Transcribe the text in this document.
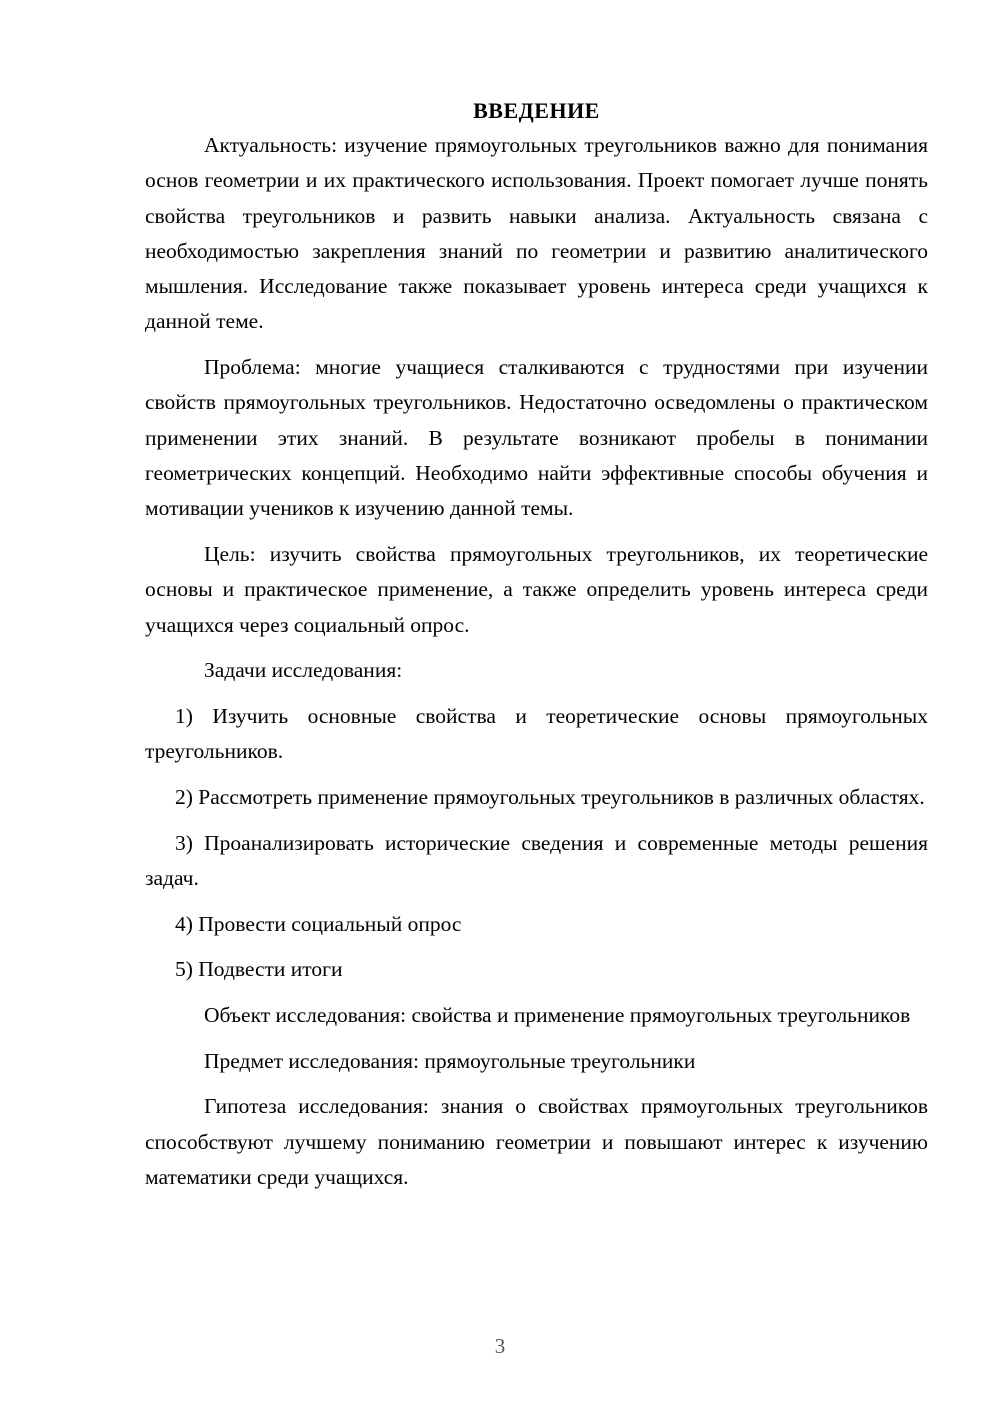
ВВЕДЕНИЕ

Актуальность: изучение прямоугольных треугольников важно для понимания основ геометрии и их практического использования. Проект помогает лучше понять свойства треугольников и развить навыки анализа. Актуальность связана с необходимостью закрепления знаний по геометрии и развитию аналитического мышления. Исследование также показывает уровень интереса среди учащихся к данной теме.

Проблема: многие учащиеся сталкиваются с трудностями при изучении свойств прямоугольных треугольников. Недостаточно осведомлены о практическом применении этих знаний. В результате возникают пробелы в понимании геометрических концепций. Необходимо найти эффективные способы обучения и мотивации учеников к изучению данной темы.

Цель: изучить свойства прямоугольных треугольников, их теоретические основы и практическое применение, а также определить уровень интереса среди учащихся через социальный опрос.

Задачи исследования:

1) Изучить основные свойства и теоретические основы прямоугольных треугольников.

2) Рассмотреть применение прямоугольных треугольников в различных областях.

3) Проанализировать исторические сведения и современные методы решения задач.

4) Провести социальный опрос

5) Подвести итоги

Объект исследования: свойства и применение прямоугольных треугольников

Предмет исследования: прямоугольные треугольники

Гипотеза исследования: знания о свойствах прямоугольных треугольников способствуют лучшему пониманию геометрии и повышают интерес к изучению математики среди учащихся.

3
